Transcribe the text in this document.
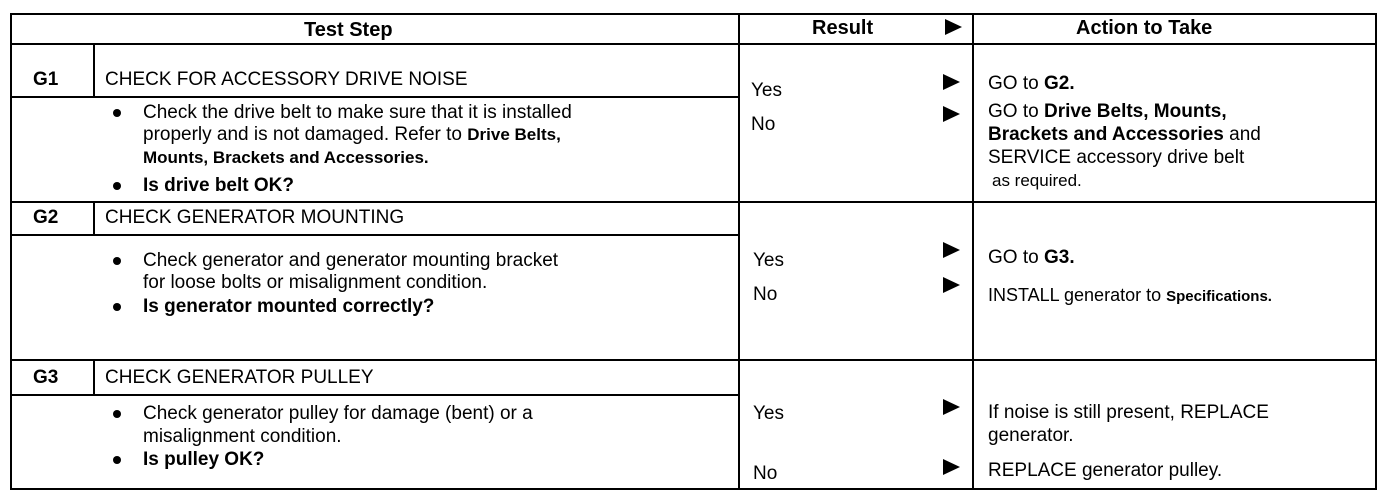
Test Step	Result	Action to Take
G1 CHECK FOR ACCESSORY DRIVE NOISE
Check the drive belt to make sure that it is installed
properly and is not damaged. Refer to Drive Belts,
Mounts, Brackets and Accessories.
Is drive belt OK?
Yes
No
GO to G2.
GO to Drive Belts, Mounts,
Brackets and Accessories and
SERVICE accessory drive belt
as required.
G2 CHECK GENERATOR MOUNTING
Check generator and generator mounting bracket
for loose bolts or misalignment condition.
Is generator mounted correctly?
Yes
No
GO to G3.
INSTALL generator to Specifications.
G3 CHECK GENERATOR PULLEY
Check generator pulley for damage (bent) or a
misalignment condition.
Is pulley OK?
Yes
No
If noise is still present, REPLACE
generator.
REPLACE generator pulley.
